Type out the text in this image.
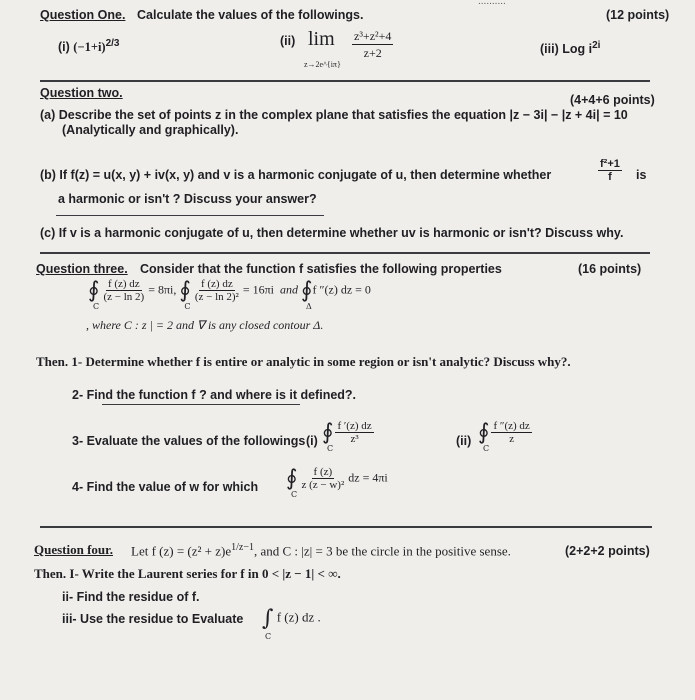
..........
Question One. Calculate the values of the followings.	(12 points)
(i) $(-1+i)^{2/3}$	(ii) lim
z→2e^{iπ}
$\frac{\text{z³+z²+4}}{z+2}$	(iii) Log $i^{2i}$
Question two.	(4+4+6 points)
(a) Describe the set of points z in the complex plane that satisfies the equation |z − 3i| − |z + 4i| = 10
(Analytically and graphically).
(b) If f(z) = u(x, y) + iv(x, y) and v is a harmonic conjugate of u, then determine whether	$\frac{\text{f²+1}}{f}$ is
a harmonic or isn't ? Discuss your answer?
(c) If v is a harmonic conjugate of u, then determine whether uv is harmonic or isn't? Discuss why.
Question three. Consider that the function f satisfies the following properties	(16 points)
∮
C
$\frac{f (z) dz}{(z - \ln 2)} = 8\pi i$, ∮
C
$\frac{f (z) dz}{\text{(z − ln 2)²}} = 16\pi i$ and ∮
Δ
f ″(z) dz = 0
, where C : z | = 2 and ∇ is any closed contour Δ.
Then. 1- Determine whether f is entire or analytic in some region or isn't analytic? Discuss why?.
2- Find the function f ? and where is it defined?.
3- Evaluate the values of the followings (i) ∮
C
$\frac{f '(z) dz}{\text{z³}}$	(ii) ∮
C
$\frac{f ''(z) dz}{z}$
4- Find the value of w for which ∮
C
$\frac{f (z)}{\text{z (z − w)²}}$ dz = 4πi
Question four. Let f $(z) = (z^2 + z)e^{1/z-1}$, and C : |z| = 3 be the circle in the positive sense.	(2+2+2 points)
Then. I- Write the Laurent series for f in 0 < |z − 1| < ∞.
ii- Find the residue of f.
iii- Use the residue to Evaluate ∫
C
f (z) dz .
